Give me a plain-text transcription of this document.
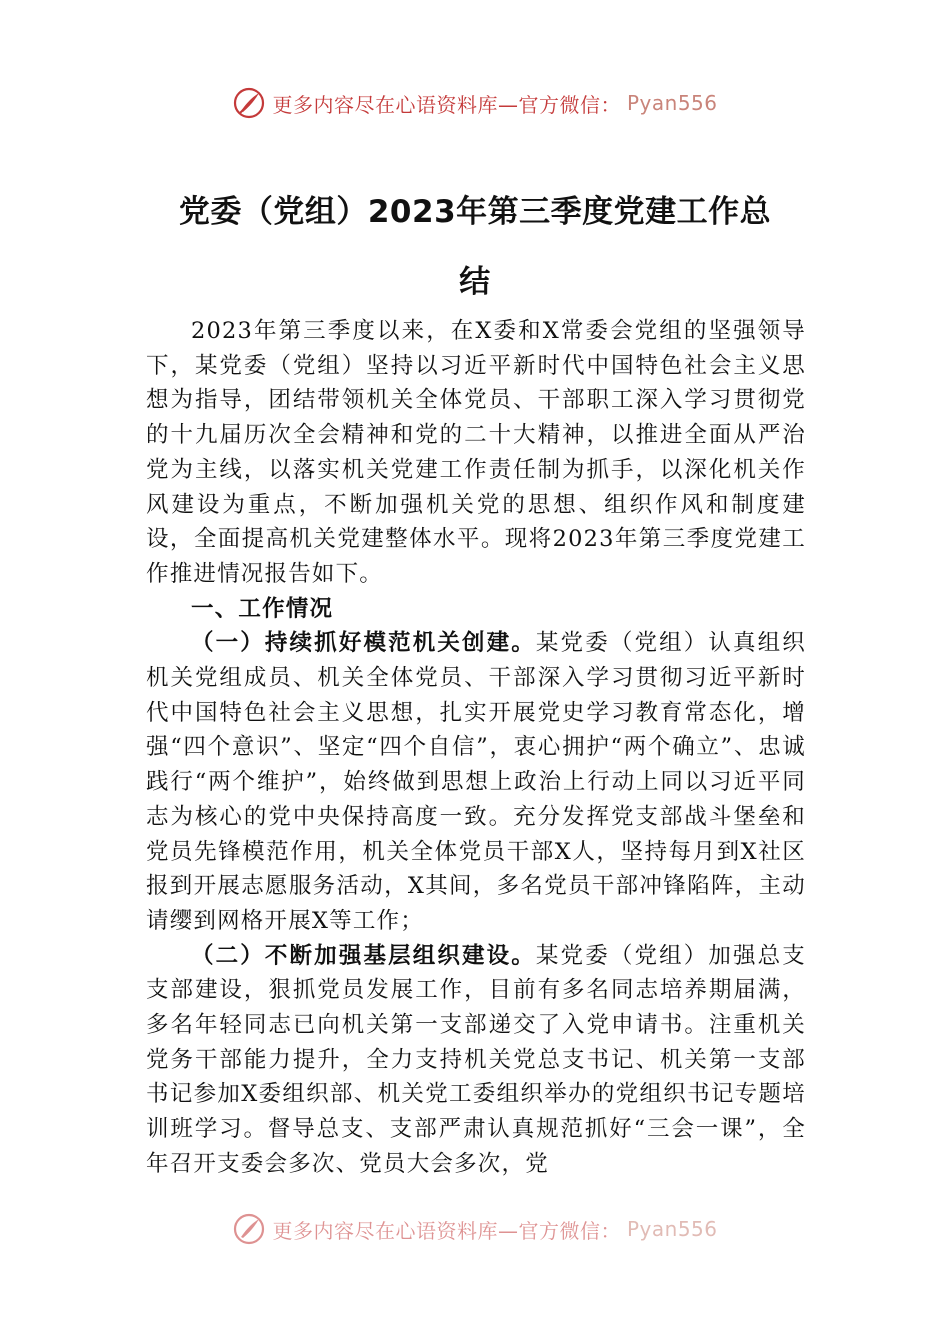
更多内容尽在心语资料库—官方微信： Pyan556
党委（党组）2023年第三季度党建工作总
结

2023年第三季度以来，在X委和X常委会党组的坚强领导下，某党委（党组）坚持以习近平新时代中国特色社会主义思想为指导，团结带领机关全体党员、干部职工深入学习贯彻党的十九届历次全会精神和党的二十大精神，以推进全面从严治党为主线，以落实机关党建工作责任制为抓手，以深化机关作风建设为重点，不断加强机关党的思想、组织作风和制度建设，全面提高机关党建整体水平。现将2023年第三季度党建工作推进情况报告如下。

一、工作情况

（一）持续抓好模范机关创建。某党委（党组）认真组织机关党组成员、机关全体党员、干部深入学习贯彻习近平新时代中国特色社会主义思想，扎实开展党史学习教育常态化，增强“四个意识”、坚定“四个自信”，衷心拥护“两个确立”、忠诚践行“两个维护”，始终做到思想上政治上行动上同以习近平同志为核心的党中央保持高度一致。充分发挥党支部战斗堡垒和党员先锋模范作用，机关全体党员干部X人，坚持每月到X社区报到开展志愿服务活动，X其间，多名党员干部冲锋陷阵，主动请缨到网格开展X等工作；

（二）不断加强基层组织建设。某党委（党组）加强总支支部建设，狠抓党员发展工作，目前有多名同志培养期届满，多名年轻同志已向机关第一支部递交了入党申请书。注重机关党务干部能力提升，全力支持机关党总支书记、机关第一支部书记参加X委组织部、机关党工委组织举办的党组织书记专题培训班学习。督导总支、支部严肃认真规范抓好“三会一课”，全年召开支委会多次、党员大会多次，党

更多内容尽在心语资料库—官方微信： Pyan556
